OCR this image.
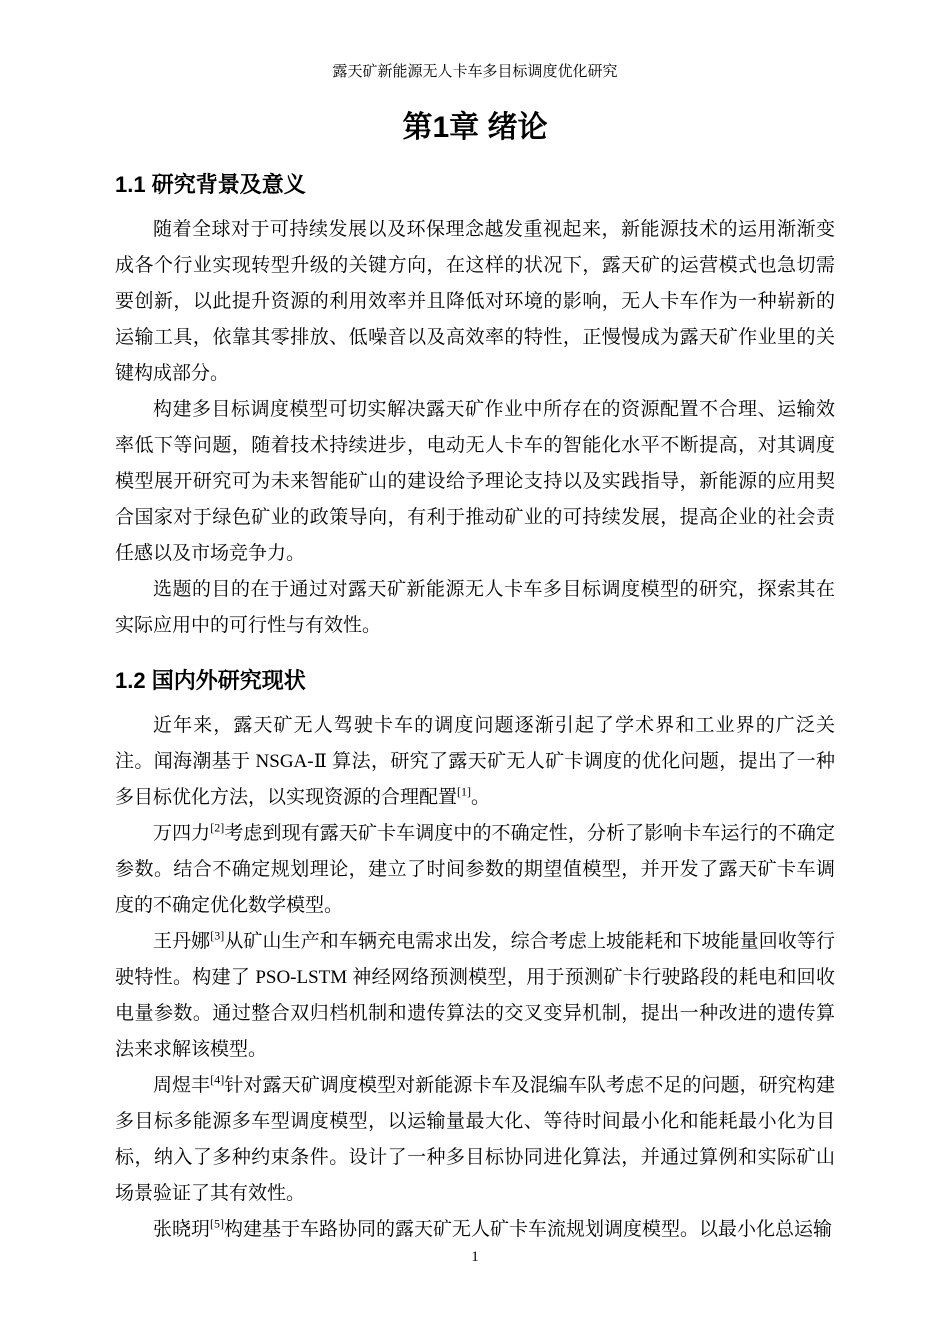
露天矿新能源无人卡车多目标调度优化研究
第1章 绪论
1.1 研究背景及意义

随着全球对于可持续发展以及环保理念越发重视起来，新能源技术的运用渐渐变成各个行业实现转型升级的关键方向，在这样的状况下，露天矿的运营模式也急切需要创新，以此提升资源的利用效率并且降低对环境的影响，无人卡车作为一种崭新的运输工具，依靠其零排放、低噪音以及高效率的特性，正慢慢成为露天矿作业里的关键构成部分。

构建多目标调度模型可切实解决露天矿作业中所存在的资源配置不合理、运输效率低下等问题，随着技术持续进步，电动无人卡车的智能化水平不断提高，对其调度模型展开研究可为未来智能矿山的建设给予理论支持以及实践指导，新能源的应用契合国家对于绿色矿业的政策导向，有利于推动矿业的可持续发展，提高企业的社会责任感以及市场竞争力。

选题的目的在于通过对露天矿新能源无人卡车多目标调度模型的研究，探索其在实际应用中的可行性与有效性。

1.2 国内外研究现状

近年来，露天矿无人驾驶卡车的调度问题逐渐引起了学术界和工业界的广泛关注。闻海潮基于 NSGA-Ⅱ 算法，研究了露天矿无人矿卡调度的优化问题，提出了一种多目标优化方法，以实现资源的合理配置[1]。

万四力[2]考虑到现有露天矿卡车调度中的不确定性，分析了影响卡车运行的不确定参数。结合不确定规划理论，建立了时间参数的期望值模型，并开发了露天矿卡车调度的不确定优化数学模型。

王丹娜[3]从矿山生产和车辆充电需求出发，综合考虑上坡能耗和下坡能量回收等行驶特性。构建了 PSO-LSTM 神经网络预测模型，用于预测矿卡行驶路段的耗电和回收电量参数。通过整合双归档机制和遗传算法的交叉变异机制，提出一种改进的遗传算法来求解该模型。

周煜丰[4]针对露天矿调度模型对新能源卡车及混编车队考虑不足的问题，研究构建多目标多能源多车型调度模型，以运输量最大化、等待时间最小化和能耗最小化为目标，纳入了多种约束条件。设计了一种多目标协同进化算法，并通过算例和实际矿山场景验证了其有效性。

张晓玥[5]构建基于车路协同的露天矿无人矿卡车流规划调度模型。以最小化总运输

1
